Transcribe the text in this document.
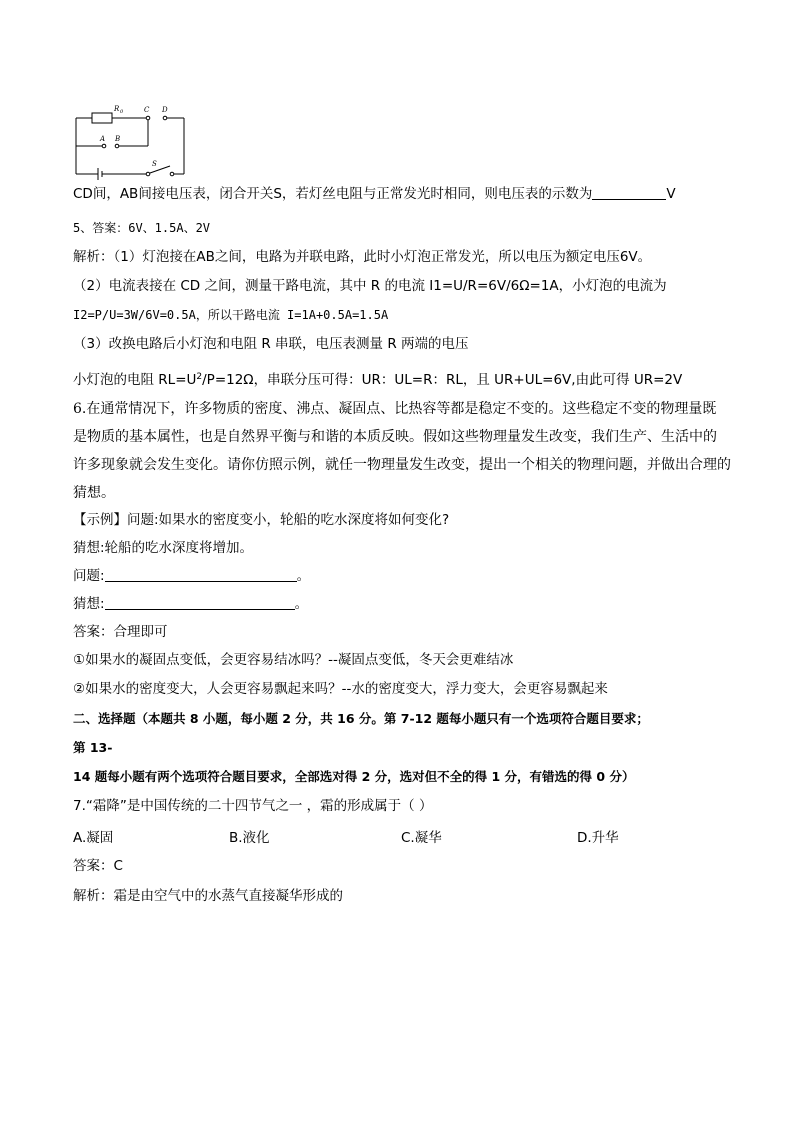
R 0	C D
A B
S
CD间，AB间接电压表，闭合开关S，若灯丝电阻与正常发光时相同，则电压表的示数为	V
5、答案：6V、1.5A、2V
解析：（1）灯泡接在AB之间，电路为并联电路，此时小灯泡正常发光，所以电压为额定电压6V。
（2）电流表接在 CD 之间，测量干路电流，其中 R 的电流 I1=U/R=6V/6Ω=1A，小灯泡的电流为
I2=P/U=3W/6V=0.5A，所以干路电流 I=1A+0.5A=1.5A
（3）改换电路后小灯泡和电阻 R 串联，电压表测量 R 两端的电压
小灯泡的电阻 $RL=U^2/P=12\Omega$，串联分压可得：UR：UL=R：RL，且 UR+UL=6V,由此可得 UR=2V
6.在通常情况下，许多物质的密度、沸点、凝固点、比热容等都是稳定不变的。这些稳定不变的物理量既
是物质的基本属性，也是自然界平衡与和谐的本质反映。假如这些物理量发生改变，我们生产、生活中的
许多现象就会发生变化。请你仿照示例，就任一物理量发生改变，提出一个相关的物理问题，并做出合理的
猜想。
【示例】问题:如果水的密度变小，轮船的吃水深度将如何变化?
猜想:轮船的吃水深度将增加。
问题:	。
猜想:	。
答案：合理即可
①如果水的凝固点变低，会更容易结冰吗？--凝固点变低，冬天会更难结冰
②如果水的密度变大，人会更容易飘起来吗？--水的密度变大，浮力变大，会更容易飘起来
二、选择题（本题共 8 小题，每小题 2 分，共 16 分。第 7-12 题每小题只有一个选项符合题目要求；
第 13-
14 题每小题有两个选项符合题目要求，全部选对得 2 分，选对但不全的得 1 分，有错选的得 0 分）
7.“霜降”是中国传统的二十四节气之一 ，霜的形成属于（ ）
A.凝固	B.液化	C.凝华	D.升华
答案：C
解析：霜是由空气中的水蒸气直接凝华形成的
